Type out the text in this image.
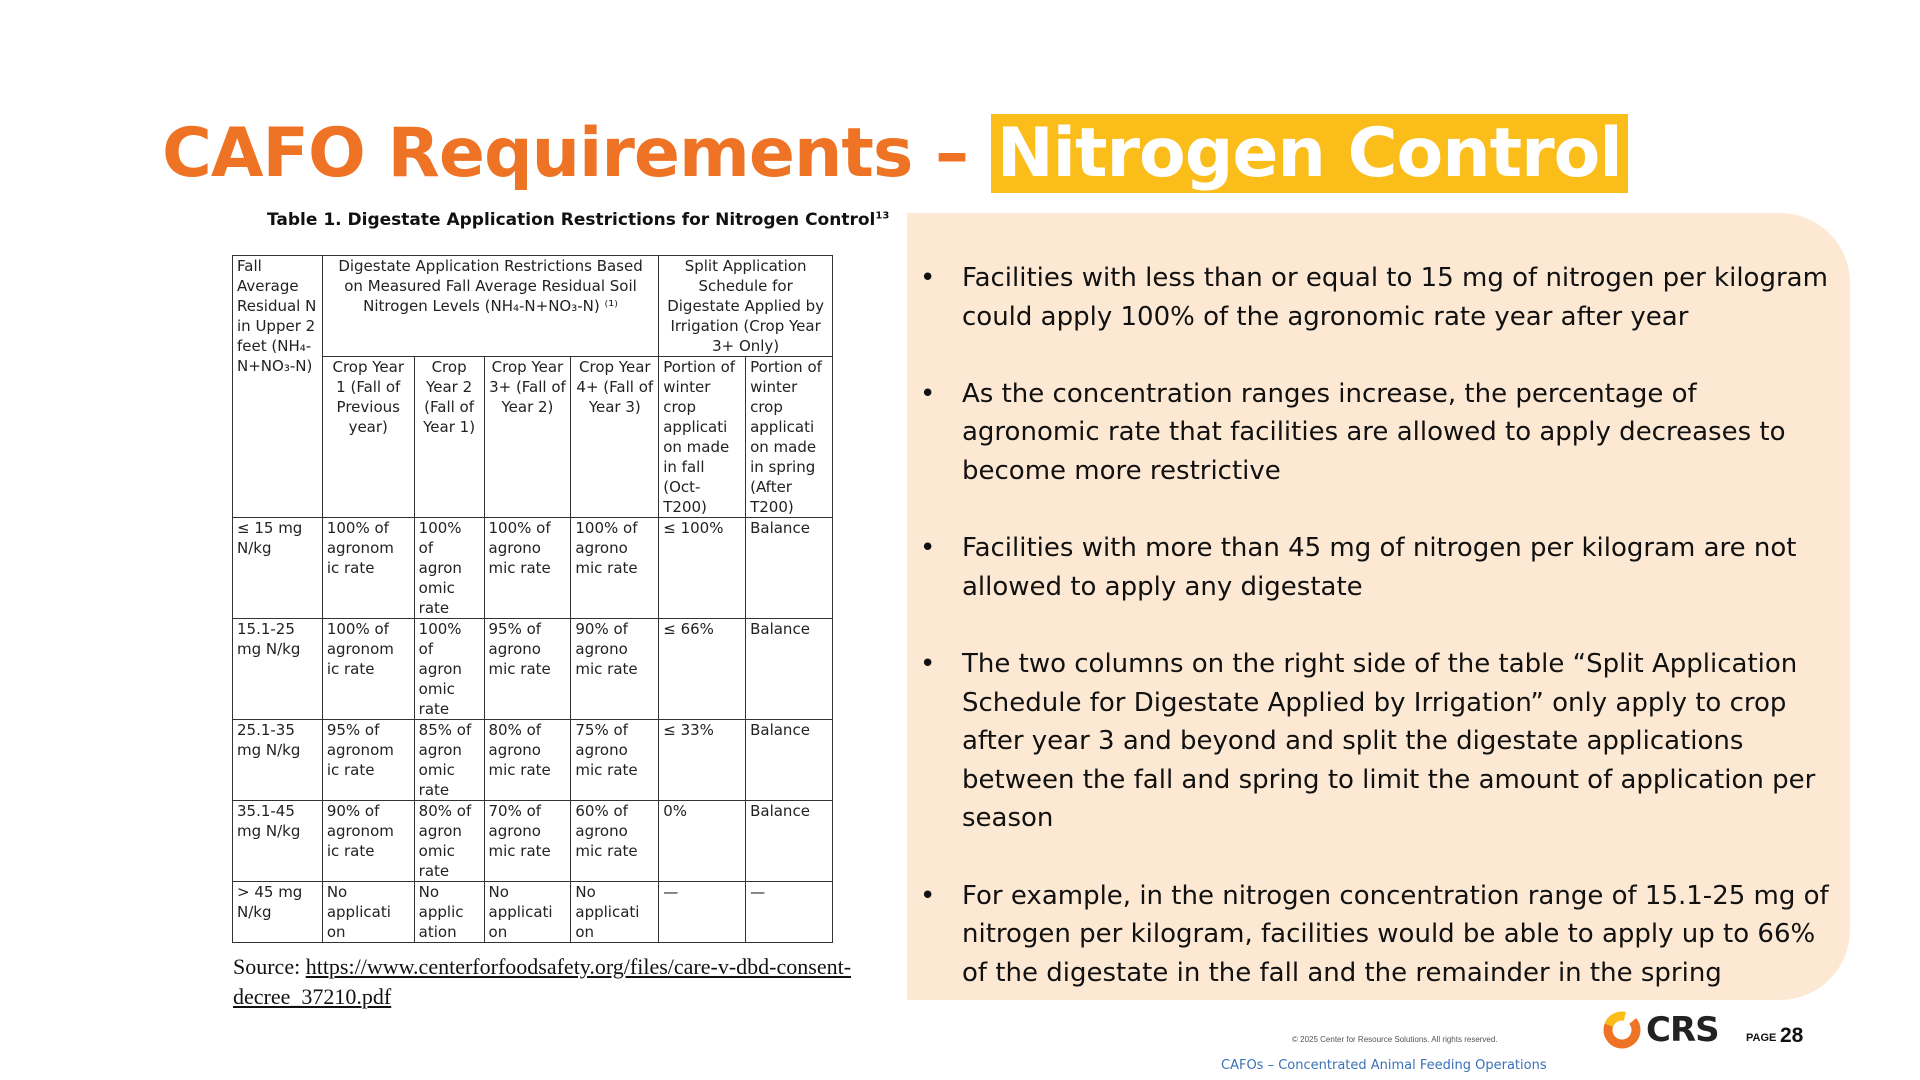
CAFO Requirements – Nitrogen Control
Table 1. Digestate Application Restrictions for Nitrogen Control$^{13}$
Fall Average Residual N in Upper 2 feet (NH₄-N+NO₃-N)	Digestate Application Restrictions Based on Measured Fall Average Residual Soil Nitrogen Levels (NH₄-N+NO₃-N) ⁽¹⁾				Split Application Schedule for Digestate Applied by Irrigation (Crop Year 3+ Only)	
	Crop Year 1 (Fall of Previous year)	Crop Year 2 (Fall of Year 1)	Crop Year 3+ (Fall of Year 2)	Crop Year 4+ (Fall of Year 3)	Portion of winter crop applicati on made in fall (Oct-T200)	Portion of winter crop applicati on made in spring (After T200)
≤ 15 mg N/kg	100% of agronom ic rate	100% of agron omic rate	100% of agrono mic rate	100% of agrono mic rate	≤ 100%	Balance
15.1-25 mg N/kg	100% of agronom ic rate	100% of agron omic rate	95% of agrono mic rate	90% of agrono mic rate	≤ 66%	Balance
25.1-35 mg N/kg	95% of agronom ic rate	85% of agron omic rate	80% of agrono mic rate	75% of agrono mic rate	≤ 33%	Balance
35.1-45 mg N/kg	90% of agronom ic rate	80% of agron omic rate	70% of agrono mic rate	60% of agrono mic rate	0%	Balance
> 45 mg N/kg	No applicati on	No applic ation	No applicati on	No applicati on	—	—
Source: https://www.centerforfoodsafety.org/files/care-v-dbd-consent-decree_37210.pdf
• Facilities with less than or equal to 15 mg of nitrogen per kilogram could apply 100% of the agronomic rate year after year
• As the concentration ranges increase, the percentage of agronomic rate that facilities are allowed to apply decreases to become more restrictive
• Facilities with more than 45 mg of nitrogen per kilogram are not allowed to apply any digestate
• The two columns on the right side of the table “Split Application Schedule for Digestate Applied by Irrigation” only apply to crop after year 3 and beyond and split the digestate applications between the fall and spring to limit the amount of application per season
• For example, in the nitrogen concentration range of 15.1-25 mg of nitrogen per kilogram, facilities would be able to apply up to 66% of the digestate in the fall and the remainder in the spring
© 2025 Center for Resource Solutions. All rights reserved.	CRS PAGE 28
CAFOs – Concentrated Animal Feeding Operations
